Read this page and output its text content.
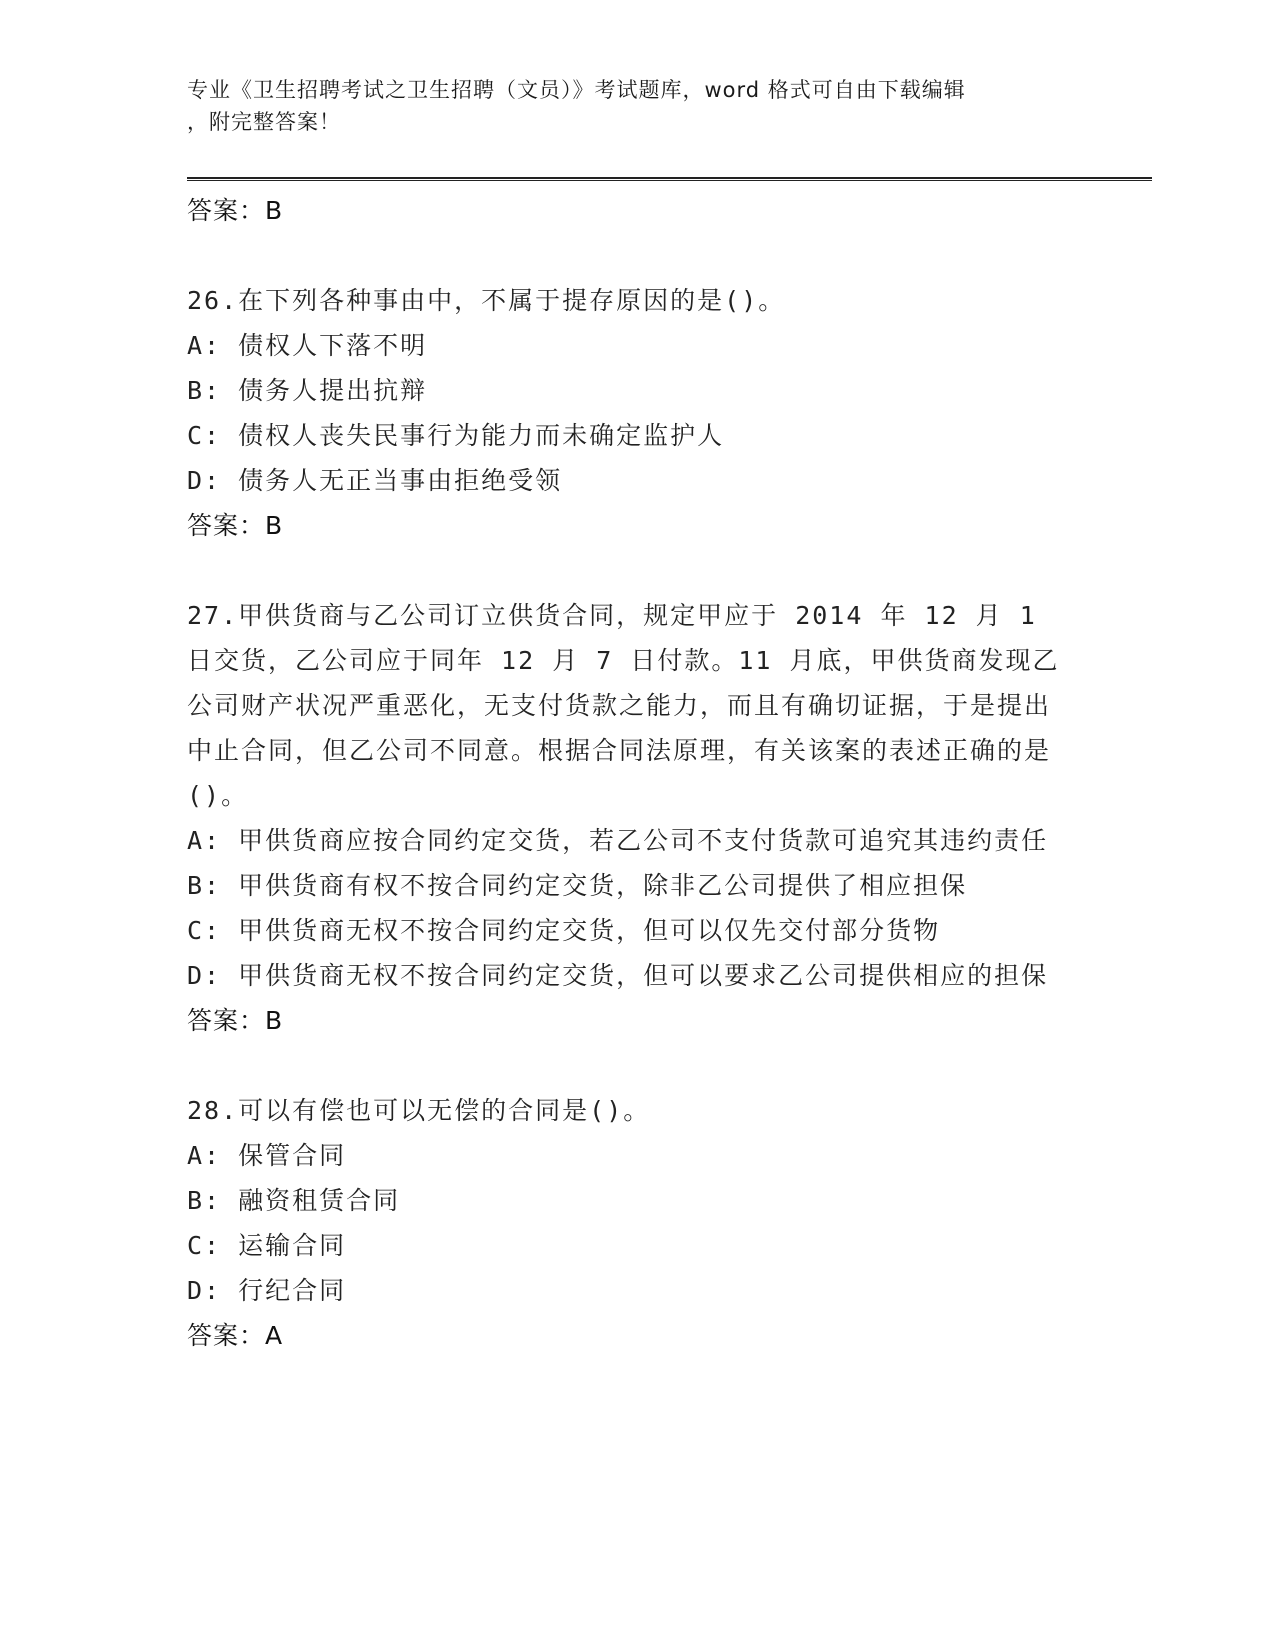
专业《卫生招聘考试之卫生招聘（文员）》考试题库，word 格式可自由下载编辑
，附完整答案！
答案：B
26.在下列各种事由中，不属于提存原因的是()。
A: 债权人下落不明
B: 债务人提出抗辩
C: 债权人丧失民事行为能力而未确定监护人
D: 债务人无正当事由拒绝受领
答案：B
27.甲供货商与乙公司订立供货合同，规定甲应于 2014 年 12 月 1 日交货，乙公司应于同年 12 月 7 日付款。11 月底，甲供货商发现乙公司财产状况严重恶化，无支付货款之能力，而且有确切证据，于是提出中止合同，但乙公司不同意。根据合同法原理，有关该案的表述正确的是()。
A: 甲供货商应按合同约定交货，若乙公司不支付货款可追究其违约责任
B: 甲供货商有权不按合同约定交货，除非乙公司提供了相应担保
C: 甲供货商无权不按合同约定交货，但可以仅先交付部分货物
D: 甲供货商无权不按合同约定交货，但可以要求乙公司提供相应的担保
答案：B
28.可以有偿也可以无偿的合同是()。
A: 保管合同
B: 融资租赁合同
C: 运输合同
D: 行纪合同
答案：A
